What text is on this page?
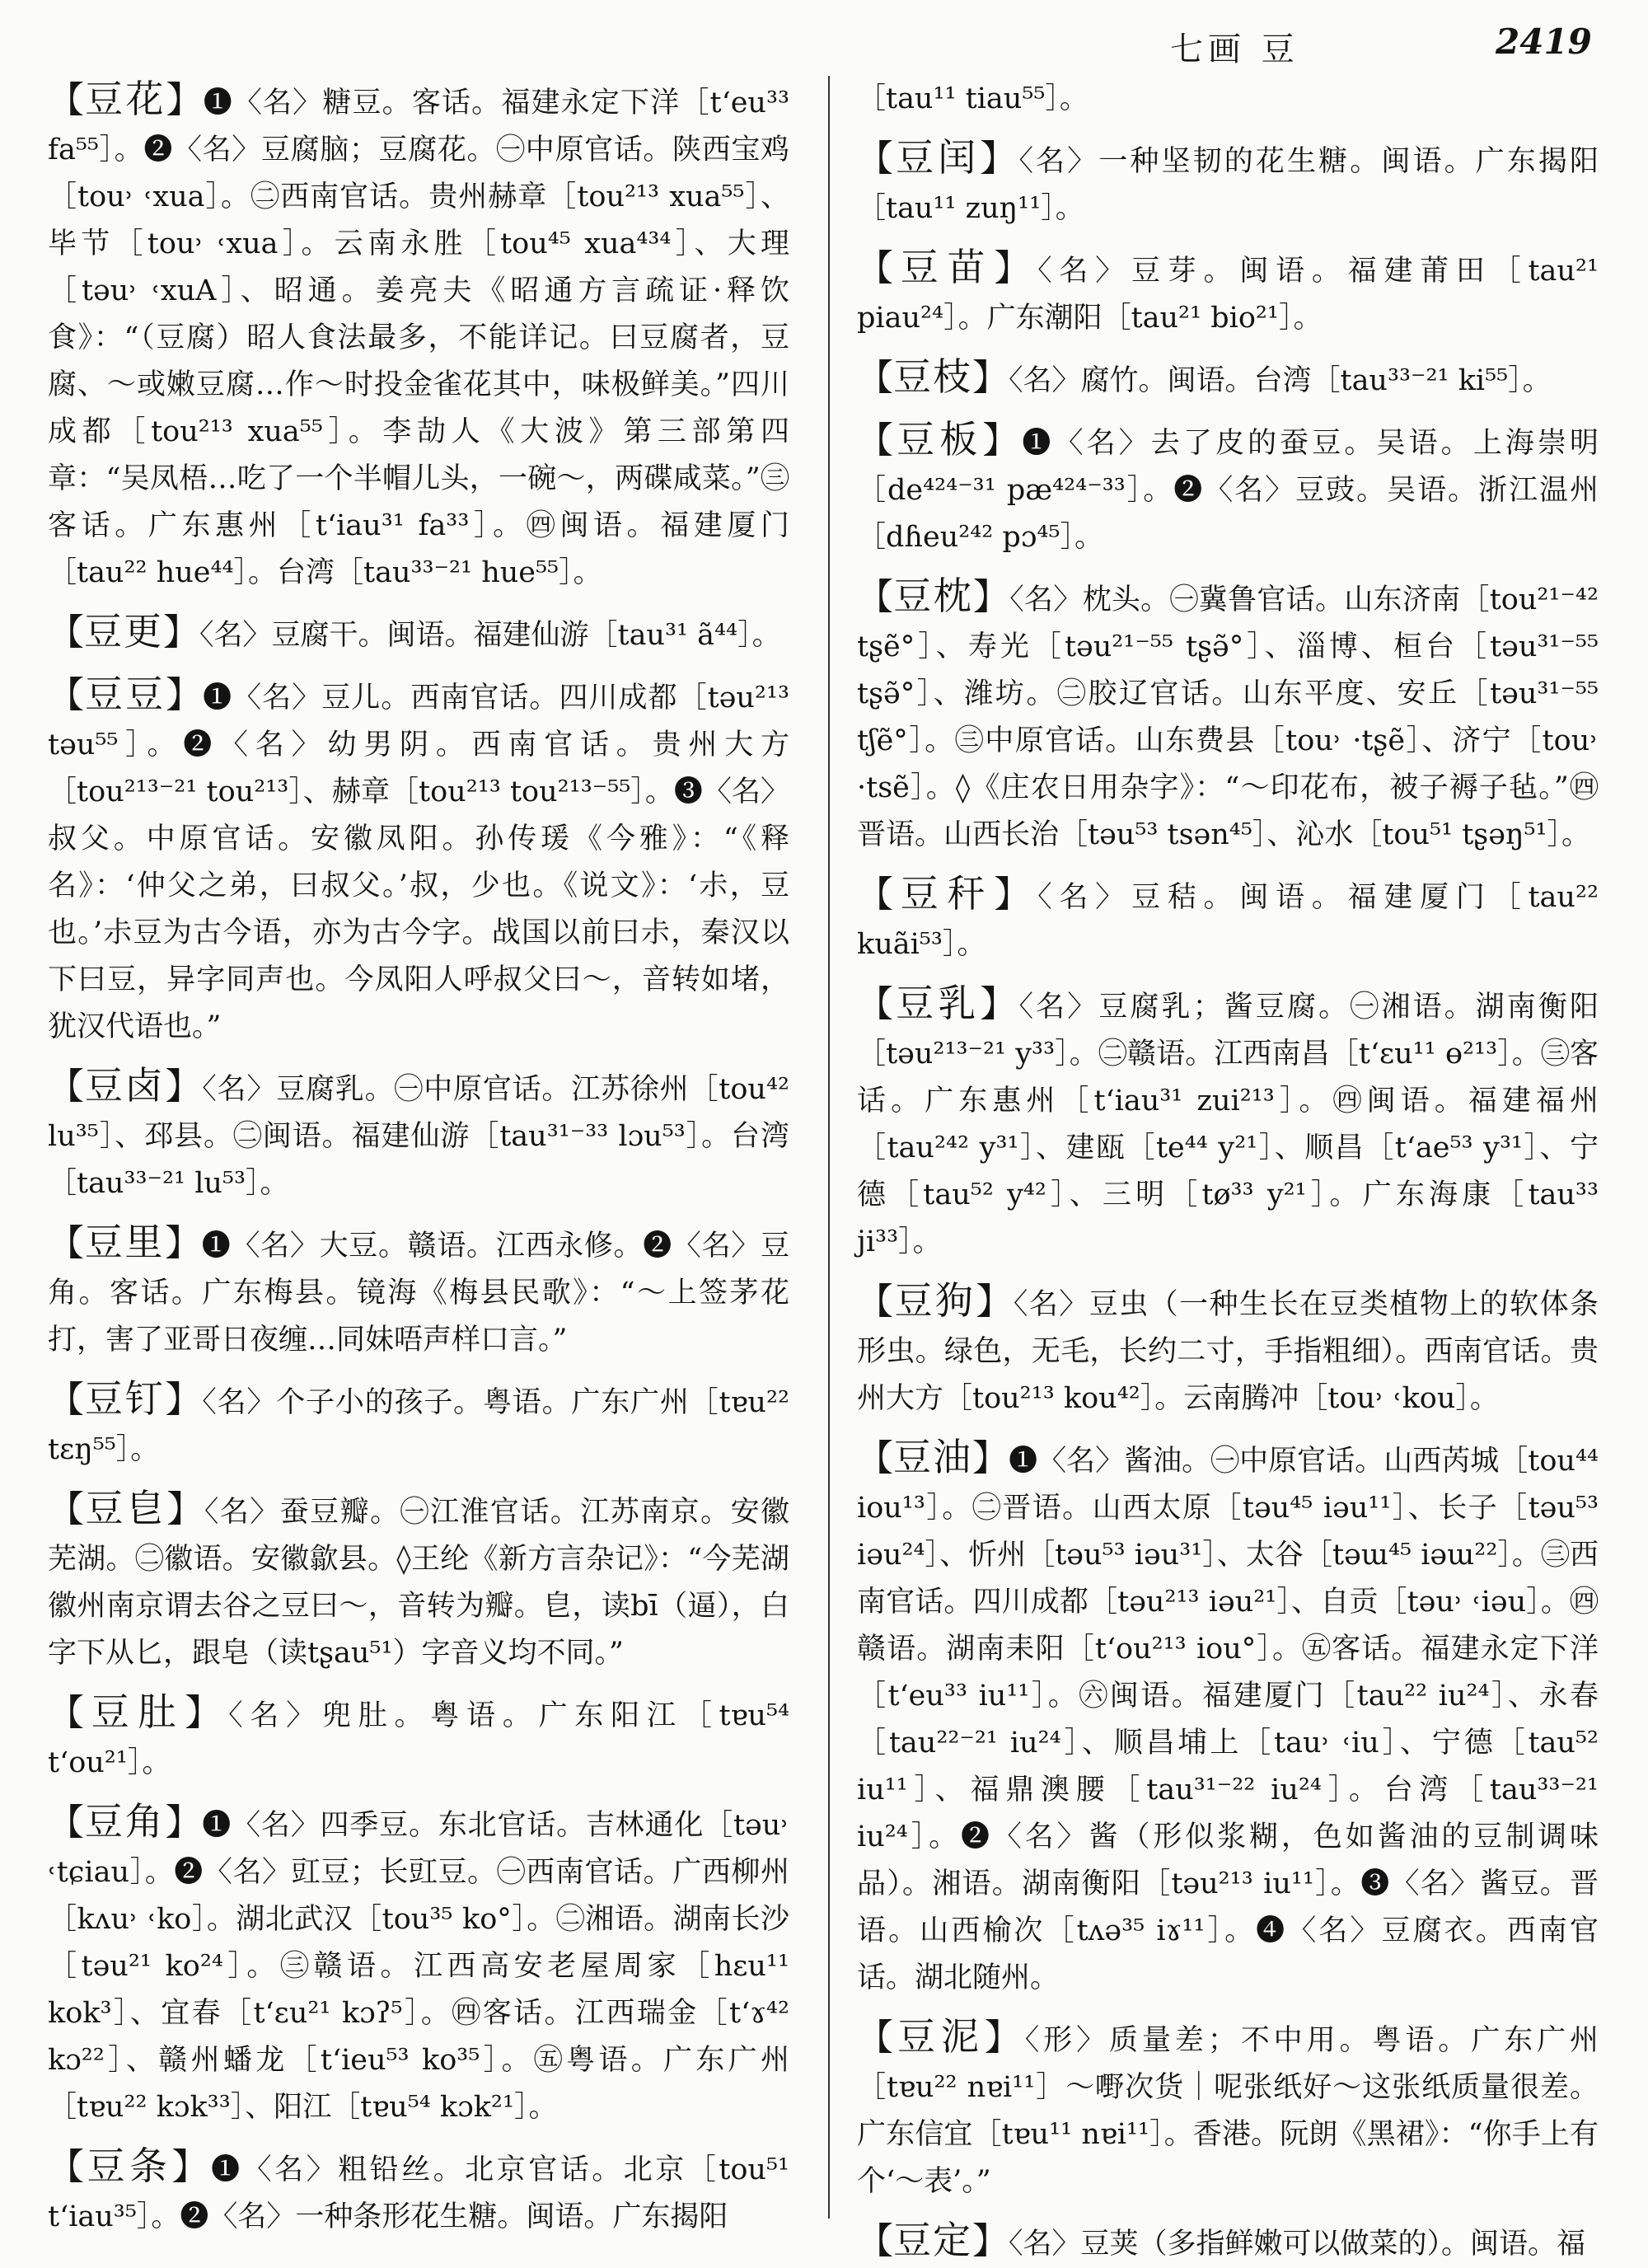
七画 豆	2419

【豆花】❶〈名〉糖豆。客话。福建永定下洋［tʻeu³³ fa⁵⁵］。❷〈名〉豆腐脑；豆腐花。㊀中原官话。陕西宝鸡［tou˒ ˓xua］。㊁西南官话。贵州赫章［tou²¹³ xua⁵⁵］、毕节［tou˒ ˓xua］。云南永胜［tou⁴⁵ xua⁴³⁴］、大理［təu˒ ˓xuA］、昭通。姜亮夫《昭通方言疏证·释饮食》：“（豆腐）昭人食法最多，不能详记。曰豆腐者，豆腐、～或嫩豆腐…作～时投金雀花其中，味极鲜美。”四川成都［tou²¹³ xua⁵⁵］。李劼人《大波》第三部第四章：“吴凤梧…吃了一个半帽儿头，一碗～，两碟咸菜。”㊂客话。广东惠州［tʻiau³¹ fa³³］。㊃闽语。福建厦门［tau²² hue⁴⁴］。台湾［tau³³⁻²¹ hue⁵⁵］。

【豆更】〈名〉豆腐干。闽语。福建仙游［tau³¹ ã⁴⁴］。

【豆豆】❶〈名〉豆儿。西南官话。四川成都［təu²¹³ təu⁵⁵］。❷〈名〉幼男阴。西南官话。贵州大方［tou²¹³⁻²¹ tou²¹³］、赫章［tou²¹³ tou²¹³⁻⁵⁵］。❸〈名〉叔父。中原官话。安徽凤阳。孙传瑗《今雅》：“《释名》：‘仲父之弟，曰叔父。’叔，少也。《说文》：‘尗，豆也。’尗豆为古今语，亦为古今字。战国以前曰尗，秦汉以下曰豆，异字同声也。今凤阳人呼叔父曰～，音转如堵，犹汉代语也。”

【豆卤】〈名〉豆腐乳。㊀中原官话。江苏徐州［tou⁴² lu³⁵］、邳县。㊁闽语。福建仙游［tau³¹⁻³³ lɔu⁵³］。台湾［tau³³⁻²¹ lu⁵³］。

【豆里】❶〈名〉大豆。赣语。江西永修。❷〈名〉豆角。客话。广东梅县。镜海《梅县民歌》：“～上签茅花打，害了亚哥日夜缠…同妹唔声样口言。”

【豆钉】〈名〉个子小的孩子。粤语。广东广州［tɐu²² tɛŋ⁵⁵］。

【豆皀】〈名〉蚕豆瓣。㊀江淮官话。江苏南京。安徽芜湖。㊁徽语。安徽歙县。◊王纶《新方言杂记》：“今芜湖徽州南京谓去谷之豆曰～，音转为瓣。皀，读bī（逼），白字下从匕，跟皂（读tʂau⁵¹）字音义均不同。”

【豆肚】〈名〉兜肚。粤语。广东阳江［tɐu⁵⁴ tʻou²¹］。

【豆角】❶〈名〉四季豆。东北官话。吉林通化［təu˒ ˓tɕiau］。❷〈名〉豇豆；长豇豆。㊀西南官话。广西柳州［kʌu˒ ˓ko］。湖北武汉［tou³⁵ ko°］。㊁湘语。湖南长沙［təu²¹ ko²⁴］。㊂赣语。江西高安老屋周家［hɛu¹¹ kok³］、宜春［tʻɛu²¹ kɔʔ⁵］。㊃客话。江西瑞金［tʻɤ⁴² kɔ²²］、赣州蟠龙［tʻieu⁵³ ko³⁵］。㊄粤语。广东广州［tɐu²² kɔk³³］、阳江［tɐu⁵⁴ kɔk²¹］。

【豆条】❶〈名〉粗铅丝。北京官话。北京［tou⁵¹ tʻiau³⁵］。❷〈名〉一种条形花生糖。闽语。广东揭阳

［tau¹¹ tiau⁵⁵］。

【豆闰】〈名〉一种坚韧的花生糖。闽语。广东揭阳［tau¹¹ zuŋ¹¹］。

【豆苗】〈名〉豆芽。闽语。福建莆田［tau²¹ piau²⁴］。广东潮阳［tau²¹ bio²¹］。

【豆枝】〈名〉腐竹。闽语。台湾［tau³³⁻²¹ ki⁵⁵］。

【豆板】❶〈名〉去了皮的蚕豆。吴语。上海崇明［de⁴²⁴⁻³¹ pæ⁴²⁴⁻³³］。❷〈名〉豆豉。吴语。浙江温州［dɦeu²⁴² pɔ⁴⁵］。

【豆枕】〈名〉枕头。㊀冀鲁官话。山东济南［tou²¹⁻⁴² tʂẽ°］、寿光［təu²¹⁻⁵⁵ tʂə̃°］、淄博、桓台［təu³¹⁻⁵⁵ tʂə̃°］、潍坊。㊁胶辽官话。山东平度、安丘［təu³¹⁻⁵⁵ tʃẽ°］。㊂中原官话。山东费县［tou˒ ·tʂẽ］、济宁［tou˒ ·tsẽ］。◊《庄农日用杂字》：“～印花布，被子褥子毡。”㊃晋语。山西长治［təu⁵³ tsən⁴⁵］、沁水［tou⁵¹ tʂəŋ⁵¹］。

【豆秆】〈名〉豆秸。闽语。福建厦门［tau²² kuãi⁵³］。

【豆乳】〈名〉豆腐乳；酱豆腐。㊀湘语。湖南衡阳［təu²¹³⁻²¹ y³³］。㊁赣语。江西南昌［tʻɛu¹¹ ɵ²¹³］。㊂客话。广东惠州［tʻiau³¹ zui²¹³］。㊃闽语。福建福州［tau²⁴² y³¹］、建瓯［te⁴⁴ y²¹］、顺昌［tʻae⁵³ y³¹］、宁德［tau⁵² y⁴²］、三明［tø³³ y²¹］。广东海康［tau³³ ji³³］。

【豆狗】〈名〉豆虫（一种生长在豆类植物上的软体条形虫。绿色，无毛，长约二寸，手指粗细）。西南官话。贵州大方［tou²¹³ kou⁴²］。云南腾冲［tou˒ ˓kou］。

【豆油】❶〈名〉酱油。㊀中原官话。山西芮城［tou⁴⁴ iou¹³］。㊁晋语。山西太原［təu⁴⁵ iəu¹¹］、长子［təu⁵³ iəu²⁴］、忻州［təu⁵³ iəu³¹］、太谷［təɯ⁴⁵ iəɯ²²］。㊂西南官话。四川成都［təu²¹³ iəu²¹］、自贡［təu˒ ˓iəu］。㊃赣语。湖南耒阳［tʻou²¹³ iou°］。㊄客话。福建永定下洋［tʻeu³³ iu¹¹］。㊅闽语。福建厦门［tau²² iu²⁴］、永春［tau²²⁻²¹ iu²⁴］、顺昌埔上［tau˒ ˓iu］、宁德［tau⁵² iu¹¹］、福鼎澳腰［tau³¹⁻²² iu²⁴］。台湾［tau³³⁻²¹ iu²⁴］。❷〈名〉酱（形似浆糊，色如酱油的豆制调味品）。湘语。湖南衡阳［təu²¹³ iu¹¹］。❸〈名〉酱豆。晋语。山西榆次［tʌə³⁵ iɤ¹¹］。❹〈名〉豆腐衣。西南官话。湖北随州。

【豆泥】〈形〉质量差；不中用。粤语。广东广州［tɐu²² nɐi¹¹］～嘢次货｜呢张纸好～这张纸质量很差。广东信宜［tɐu¹¹ nɐi¹¹］。香港。阮朗《黑裙》：“你手上有个‘～表’。”

【豆定】〈名〉豆荚（多指鲜嫩可以做菜的）。闽语。福
